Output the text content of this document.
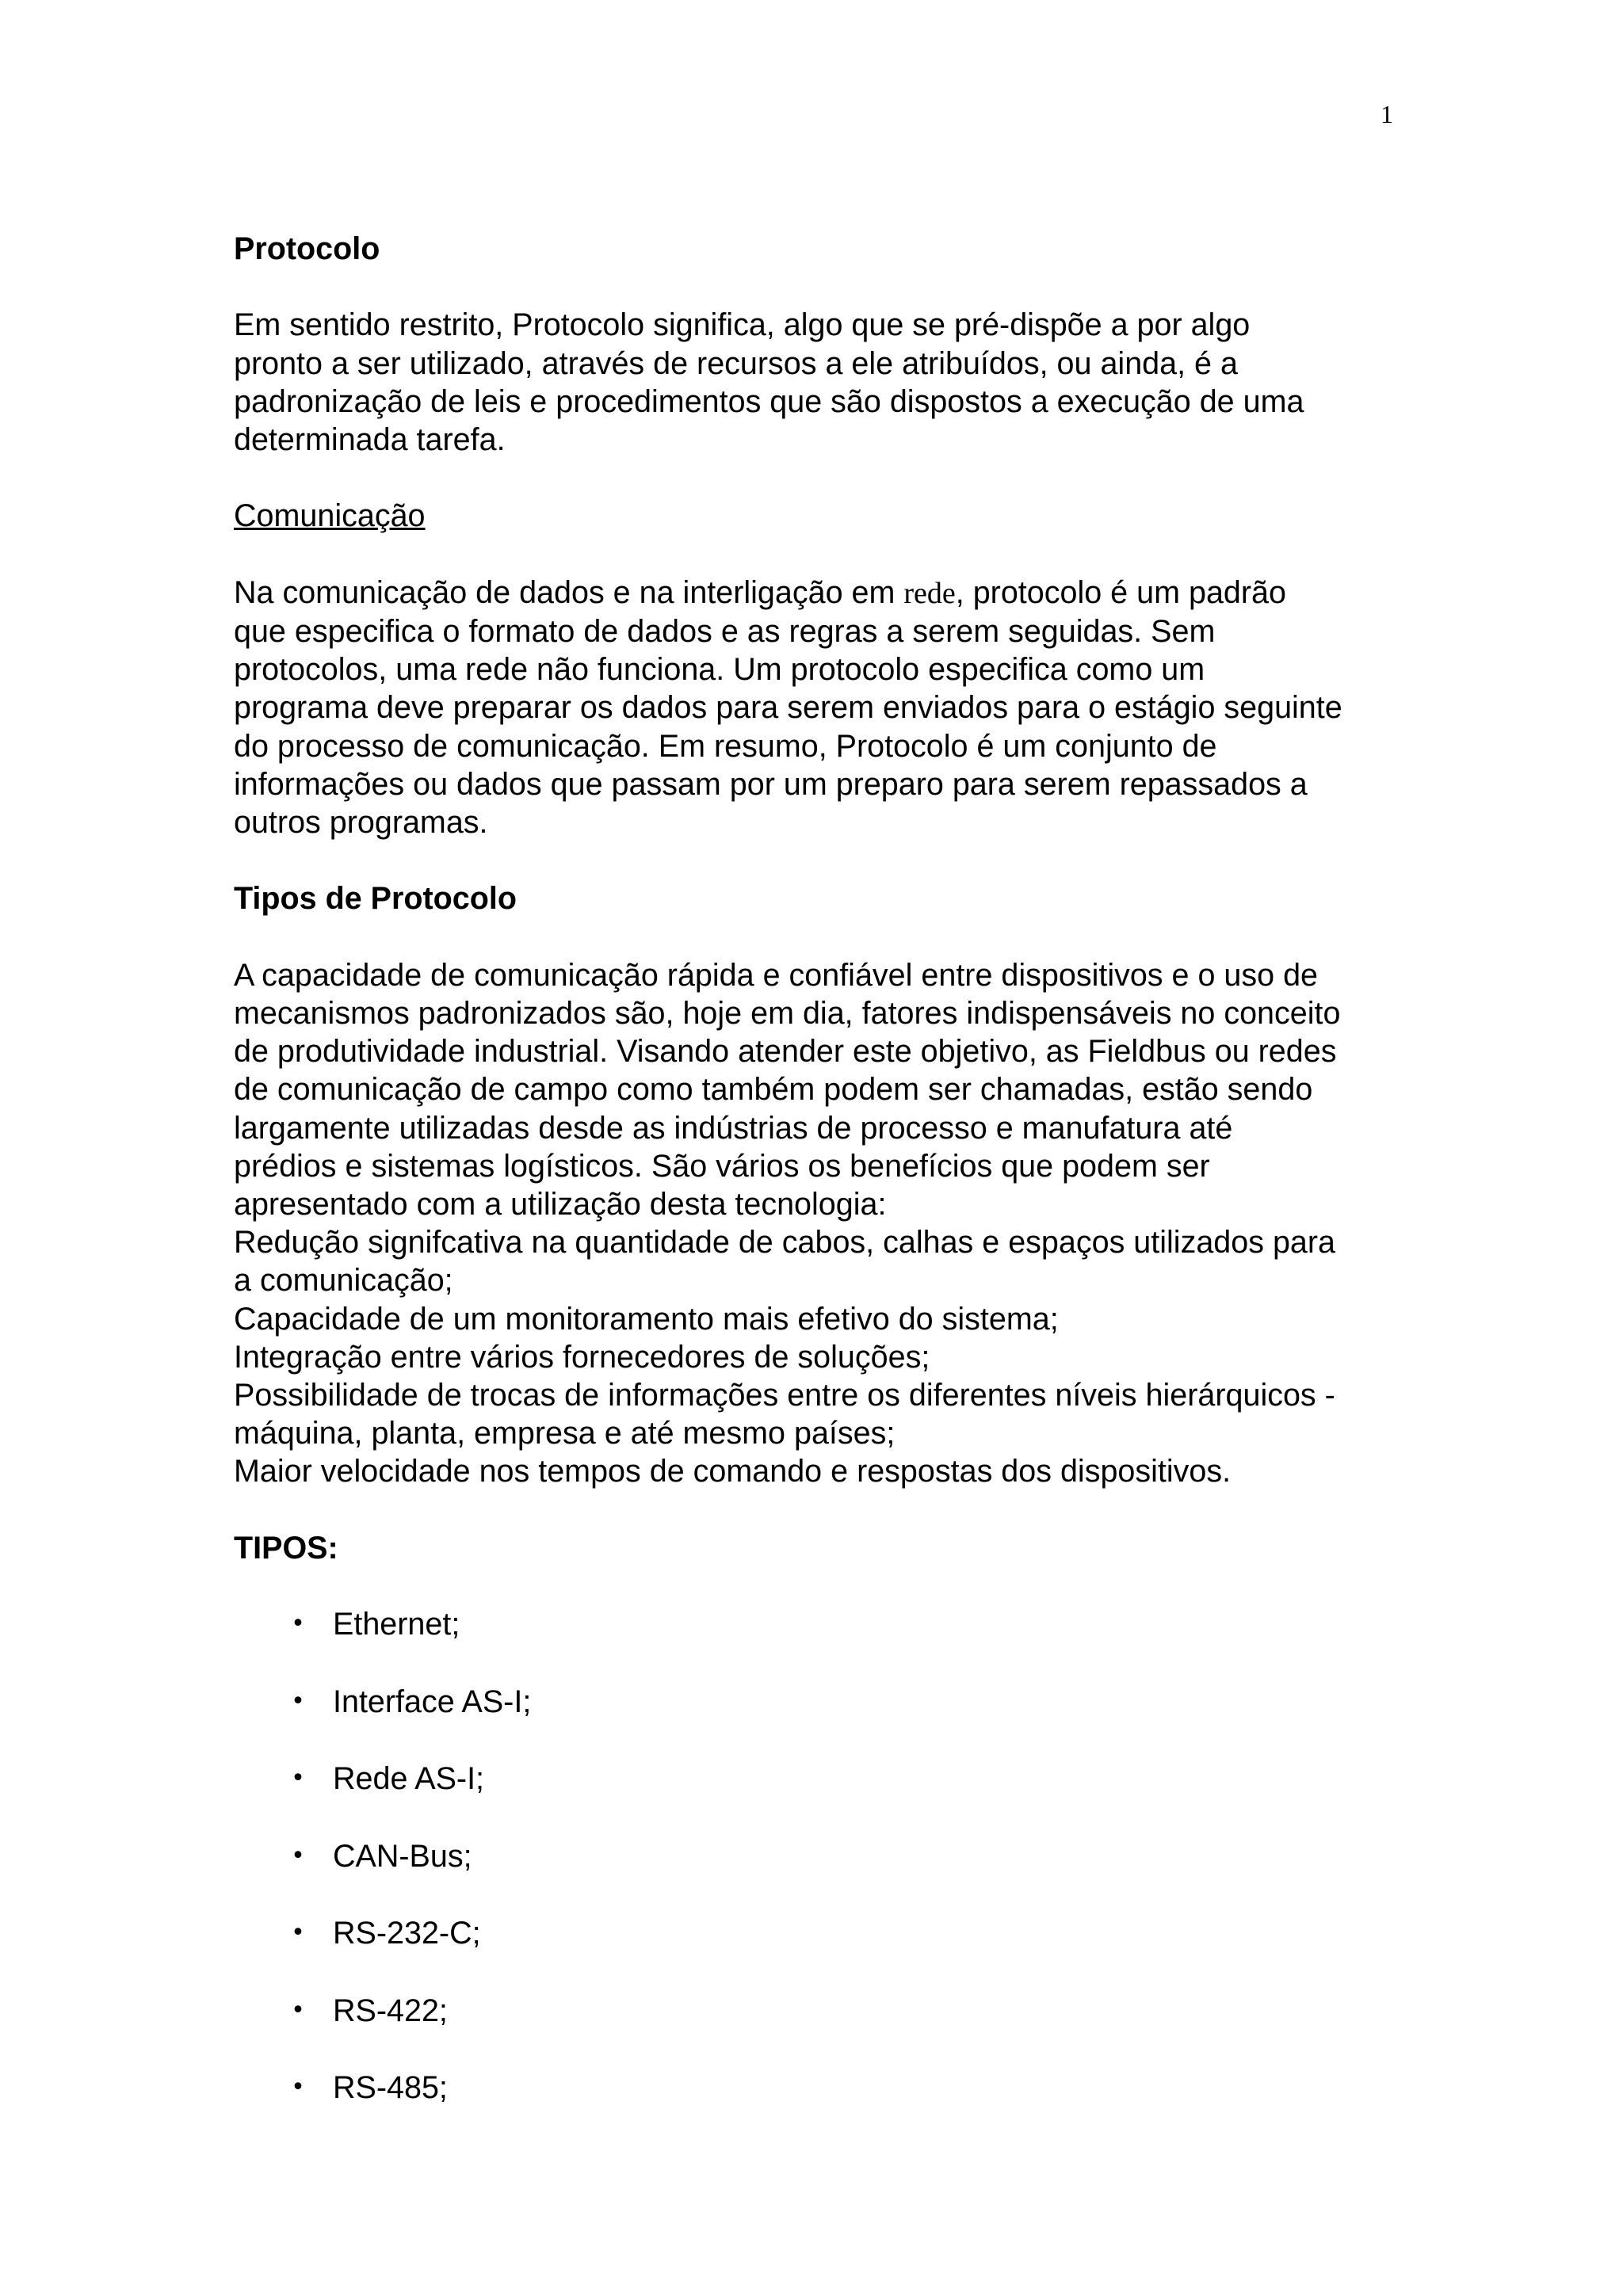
1
Protocolo
Em sentido restrito, Protocolo significa, algo que se pré-dispõe a por algo
pronto a ser utilizado, através de recursos a ele atribuídos, ou ainda, é a
padronização de leis e procedimentos que são dispostos a execução de uma
determinada tarefa.
Comunicação
Na comunicação de dados e na interligação em rede, protocolo é um padrão
que especifica o formato de dados e as regras a serem seguidas. Sem
protocolos, uma rede não funciona. Um protocolo especifica como um
programa deve preparar os dados para serem enviados para o estágio seguinte
do processo de comunicação. Em resumo, Protocolo é um conjunto de
informações ou dados que passam por um preparo para serem repassados a
outros programas.
Tipos de Protocolo
A capacidade de comunicação rápida e confiável entre dispositivos e o uso de
mecanismos padronizados são, hoje em dia, fatores indispensáveis no conceito
de produtividade industrial. Visando atender este objetivo, as Fieldbus ou redes
de comunicação de campo como também podem ser chamadas, estão sendo
largamente utilizadas desde as indústrias de processo e manufatura até
prédios e sistemas logísticos. São vários os benefícios que podem ser
apresentado com a utilização desta tecnologia:
Redução signifcativa na quantidade de cabos, calhas e espaços utilizados para
a comunicação;
Capacidade de um monitoramento mais efetivo do sistema;
Integração entre vários fornecedores de soluções;
Possibilidade de trocas de informações entre os diferentes níveis hierárquicos -
máquina, planta, empresa e até mesmo países;
Maior velocidade nos tempos de comando e respostas dos dispositivos.
TIPOS:
• Ethernet;
• Interface AS-I;
• Rede AS-I;
• CAN-Bus;
• RS-232-C;
• RS-422;
• RS-485;
